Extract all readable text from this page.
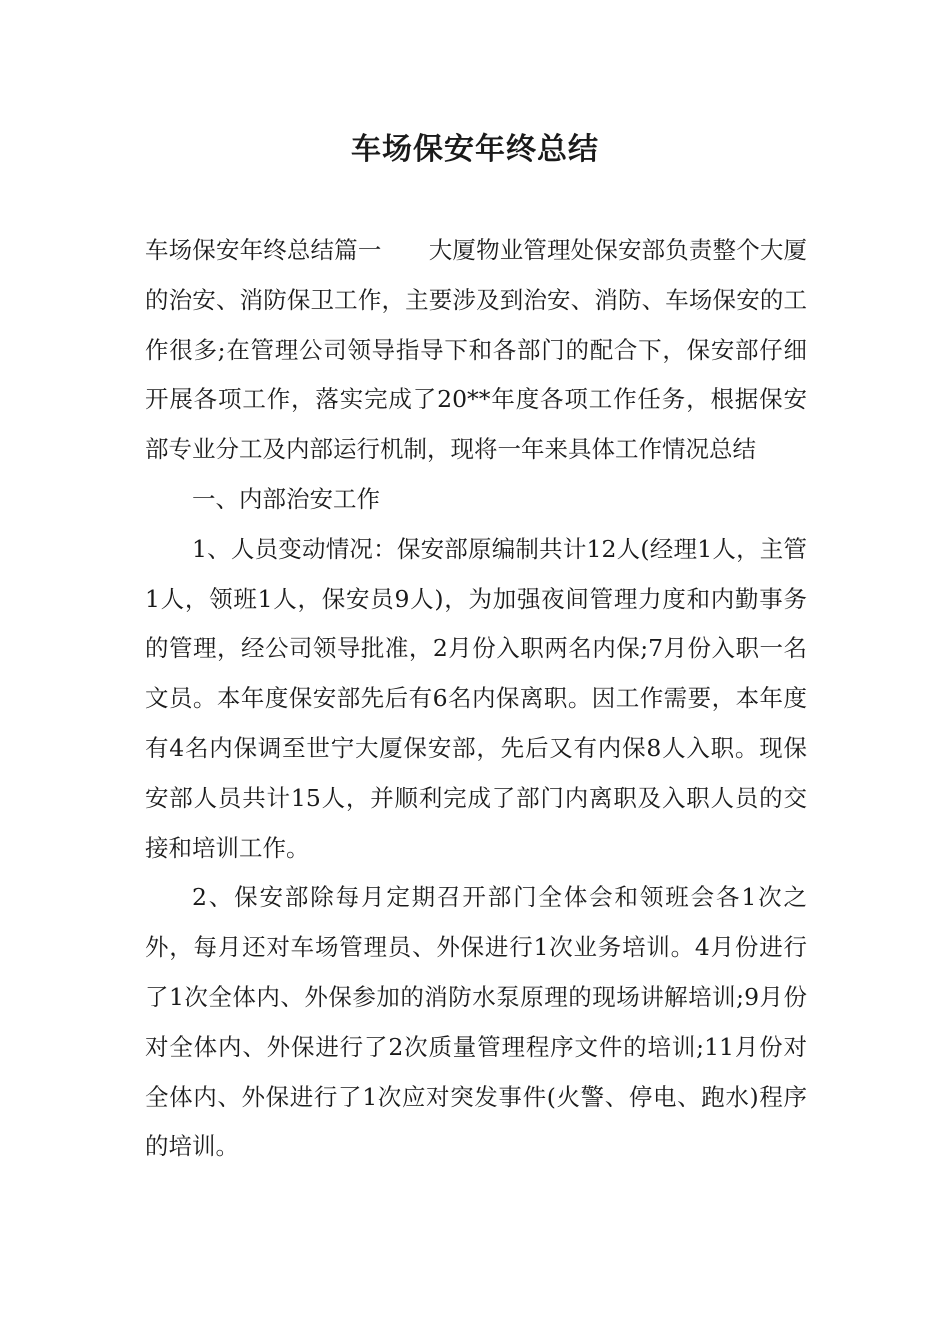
车场保安年终总结

车场保安年终总结篇一　　大厦物业管理处保安部负责整个大厦的治安、消防保卫工作，主要涉及到治安、消防、车场保安的工作很多;在管理公司领导指导下和各部门的配合下，保安部仔细开展各项工作，落实完成了20**年度各项工作任务，根据保安部专业分工及内部运行机制，现将一年来具体工作情况总结

一、内部治安工作

1、人员变动情况：保安部原编制共计12人(经理1人，主管1人，领班1人，保安员9人)，为加强夜间管理力度和内勤事务的管理，经公司领导批准，2月份入职两名内保;7月份入职一名文员。本年度保安部先后有6名内保离职。因工作需要，本年度有4名内保调至世宁大厦保安部，先后又有内保8人入职。现保安部人员共计15人，并顺利完成了部门内离职及入职人员的交接和培训工作。

2、保安部除每月定期召开部门全体会和领班会各1次之外，每月还对车场管理员、外保进行1次业务培训。4月份进行了1次全体内、外保参加的消防水泵原理的现场讲解培训;9月份对全体内、外保进行了2次质量管理程序文件的培训;11月份对全体内、外保进行了1次应对突发事件(火警、停电、跑水)程序的培训。
